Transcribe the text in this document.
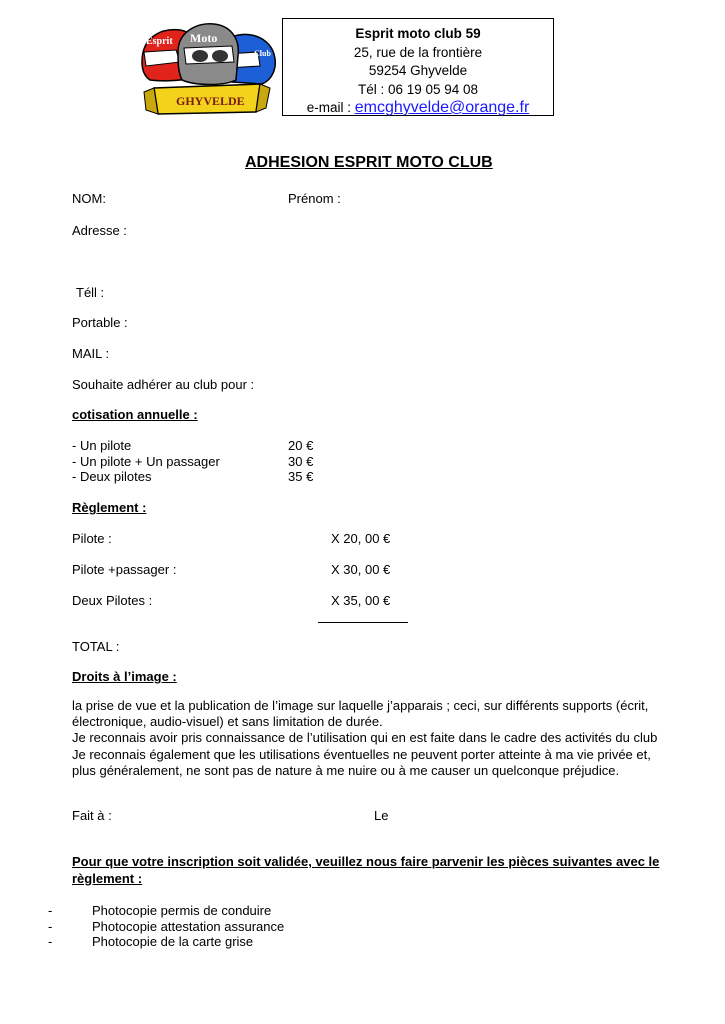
Esprit Moto
Club
GHYVELDE
Esprit moto club 59
25, rue de la frontière
59254 Ghyvelde
Tél : 06 19 05 94 08
e-mail : emcghyvelde@orange.fr
ADHESION ESPRIT MOTO CLUB
NOM:	Prénom :
Adresse :
Téll :
Portable :
MAIL :
Souhaite adhérer au club pour :
cotisation annuelle :
- Un pilote	20 €
- Un pilote + Un passager	30 €
- Deux pilotes	35 €
Règlement :
Pilote :	X 20, 00 €
Pilote +passager :	X 30, 00 €
Deux Pilotes :	X 35, 00 €
TOTAL :
Droits à l’image :
la prise de vue et la publication de l’image sur laquelle j’apparais ; ceci, sur différents supports (écrit,
électronique, audio-visuel) et sans limitation de durée.
Je reconnais avoir pris connaissance de l’utilisation qui en est faite dans le cadre des activités du club
Je reconnais également que les utilisations éventuelles ne peuvent porter atteinte à ma vie privée et,
plus généralement, ne sont pas de nature à me nuire ou à me causer un quelconque préjudice.
Fait à :	Le
Pour que votre inscription soit validée, veuillez nous faire parvenir les pièces suivantes avec le
règlement :
-	Photocopie permis de conduire
-	Photocopie attestation assurance
-	Photocopie de la carte grise
